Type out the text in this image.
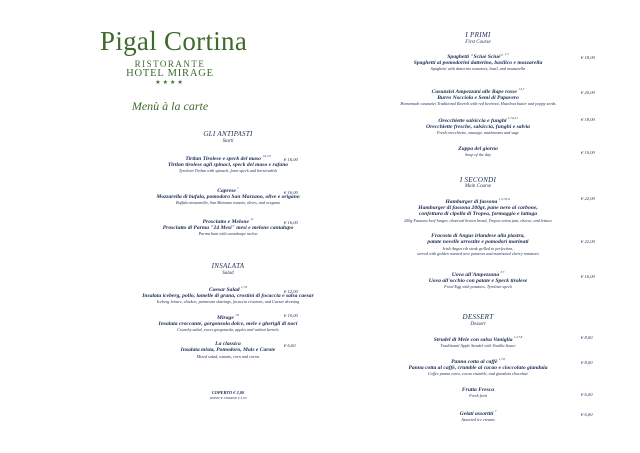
Pigal Cortina
RISTORANTE
HOTEL MIRAGE
★★★★
Menù à la carte
GLI ANTIPASTI
Starti
Tirtlan Tirolese e speck del maso $^{1,6,7,8}$
Tirtlan tirolese agli spinaci, speck del maso e rafano
Tyrolean Tirtlan with spinach, farm speck and horseradish
€ 16,00
Caprese $^7$
Mozzarella di bufala, pomodoro San Marzano, olive e origano
Buffalo mozzarella, San Marzano tomato, olives, and oregano
€ 16,00
Prosciutto e Melone $^{12}$
Prosciutto di Parma "24 Mesi" mesi e melone cantalupo
Parma ham with cantaloupe melon
€ 16,00
INSALATA
Salad
Caesar Salad $^{1,7,8}$
Insalata iceberg, pollo, lamelle di grana, crostini di focaccia e salsa caesar
Iceberg lettuce, chicken, parmesan shavings, focaccia croutons, and Caesar dressing
€ 12,00
Mirage $^{7,8}$
Insalata croccante, gorgonzola dolce, mele e gherigli di noci
Crunchy salad, sweet gorgonzola, apples and walnut kernels
€ 10,00
La classica
Insalata mista, Pomodoro, Mais e Carote
Mixed salad, tomato, corn and carrot
€ 6,00
COPERTO € 3,00
SERVICE CHARGE € 3,00
I PRIMI
First Course
Spaghetti "Sciué Sciué" $^{1,3}$
Spaghetti ai pomodorini datterino, basilico e mozzarella
Spaghetti with datterino tomatoes, basil, and mozzarella
€ 18,00
Casunziei Ampezzani alle Rape rosse $^{1,3,7}$
Burro Nocciola e Semi di Papavero
Homemade casunziei Traditional Ravioli with red beetroot, Hazelnut butter and poppy seeds
€ 20,00
Orecchiette salsiccia e funghi $^{1,7,8,12}$
Orecchiette fresche, salsiccia, funghi e salvia
Fresh orecchiette, sausage, mushrooms and sage
€ 18,00
Zuppa del giorno
Soup of the day	€ 10,00
I SECONDI
Main Course
Hamburger di fassona $^{1,3,7,8,11}$
Hamburger di fassona 200gr, pane nero al carbone,
confettura di cipolla di Tropea, formaggio e lattuga
200g Fassona beef burger, charcoal brown bread, Tropea onion jam, cheese, and lettuce
€ 22,00
Fracosta di Angus irlandese alla piastra,
patate novelle arrostite e pomodori marinati
Irish Angus rib steak grilled to perfection,
served with golden roasted new potatoes and marinated cherry tomatoes
€ 22,00
Uova all'Ampezzana $^{3,7}$
Uova all'occhio con patate e Speck tirolese
Fried Egg with potatoes, Tyrolean speck
€ 16,00
DESSERT
Dessert
Strudel di Mele con salsa Vaniglia $^{1,3,7,8}$
Traditional Apple Strudel with Vanilla Sauce
€ 8,00
Panna cotta al caffè $^{1,7,8}$
Panna cotta al caffè, crumble al cacao e cioccolato gianduia
Coffee panna cotta, cocoa crumble, and gianduia chocolate
€ 8,00
Frutta Fresca
Fresh fruit	€ 6,00
Gelati assortiti $^7$
Assorted ice creams
€ 6,00
